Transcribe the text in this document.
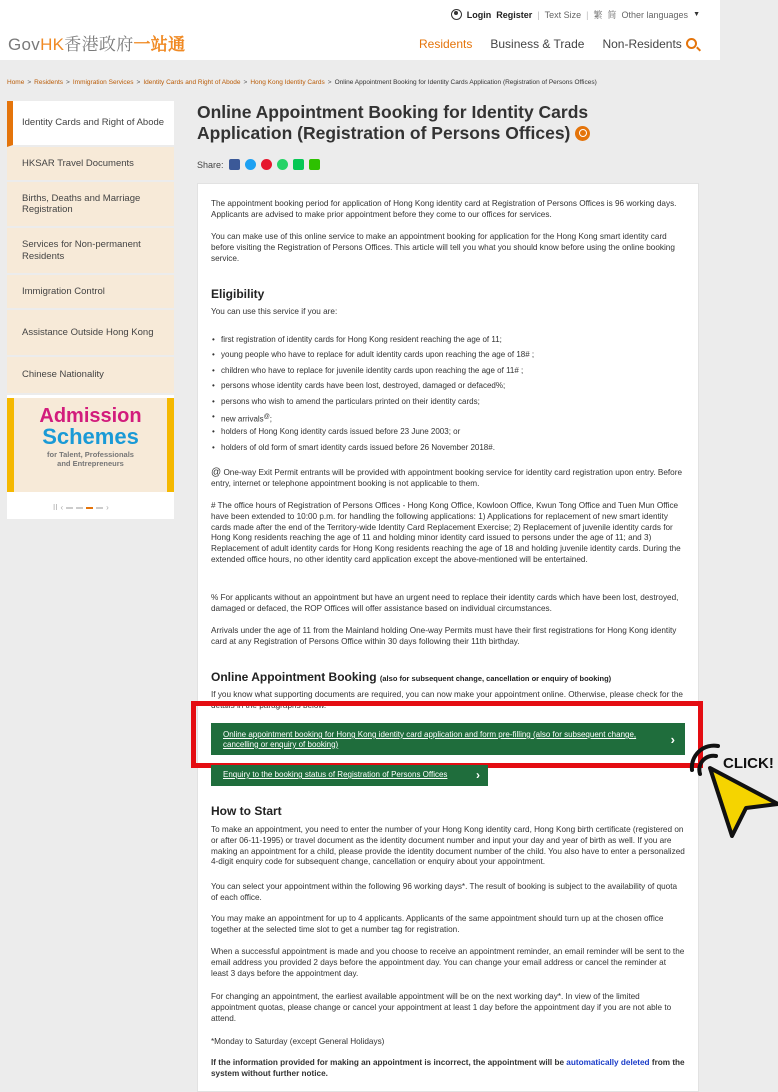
Login Register | Text Size | 繁 简 Other languages ▼
GovHK香港政府一站通	Residents Business & Trade Non-Residents
Home > Residents > Immigration Services > Identity Cards and Right of Abode > Hong Kong Identity Cards > Online Appointment Booking for Identity Cards Application (Registration of Persons Offices)
Identity Cards and Right of Abode
HKSAR Travel Documents
Births, Deaths and Marriage Registration
Services for Non-permanent Residents
Immigration Control
Assistance Outside Hong Kong
Chinese Nationality
Admission
Schemes
for Talent, Professionals
and Entrepreneurs
II ‹	›
Online Appointment Booking for Identity Cards Application (Registration of Persons Offices)
Share:

The appointment booking period for application of Hong Kong identity card at Registration of Persons Offices is 96 working days. Applicants are advised to make prior appointment before they come to our offices for services.

You can make use of this online service to make an appointment booking for application for the Hong Kong smart identity card before visiting the Registration of Persons Offices. This article will tell you what you should know before using the online booking service.

Eligibility

You can use this service if you are:

• first registration of identity cards for Hong Kong resident reaching the age of 11;
• young people who have to replace for adult identity cards upon reaching the age of 18# ;
• children who have to replace for juvenile identity cards upon reaching the age of 11# ;
• persons whose identity cards have been lost, destroyed, damaged or defaced%;
• persons who wish to amend the particulars printed on their identity cards;
• new arrivals@;
• holders of Hong Kong identity cards issued before 23 June 2003; or
• holders of old form of smart identity cards issued before 26 November 2018#.

@ One-way Exit Permit entrants will be provided with appointment booking service for identity card registration upon entry. Before entry, internet or telephone appointment booking is not applicable to them.

# The office hours of Registration of Persons Offices - Hong Kong Office, Kowloon Office, Kwun Tong Office and Tuen Mun Office have been extended to 10:00 p.m. for handling the following applications: 1) Applications for replacement of new smart identity cards made after the end of the Territory-wide Identity Card Replacement Exercise; 2) Replacement of juvenile identity cards for Hong Kong residents reaching the age of 11 and holding minor identity card issued to persons under the age of 11; and 3) Replacement of adult identity cards for Hong Kong residents reaching the age of 18 and holding juvenile identity cards. During the extended office hours, no other identity card application except the above-mentioned will be entertained.

% For applicants without an appointment but have an urgent need to replace their identity cards which have been lost, destroyed, damaged or defaced, the ROP Offices will offer assistance based on individual circumstances.

Arrivals under the age of 11 from the Mainland holding One-way Permits must have their first registrations for Hong Kong identity card at any Registration of Persons Office within 30 days following their 11th birthday.

Online Appointment Booking (also for subsequent change, cancellation or enquiry of booking)

If you know what supporting documents are required, you can now make your appointment online. Otherwise, please check for the details in the paragraphs below.

Online appointment booking for Hong Kong identity card application and form pre-filling (also for subsequent change, cancelling or enquiry of booking)	›
Enquiry to the booking status of Registration of Persons Offices ›
How to Start

To make an appointment, you need to enter the number of your Hong Kong identity card, Hong Kong birth certificate (registered on or after 06-11-1995) or travel document as the identity document number and input your day and year of birth as well. If you are making an appointment for a child, please provide the identity document number of the child. You also have to enter a personalized 4-digit enquiry code for subsequent change, cancellation or enquiry about your appointment.

You can select your appointment within the following 96 working days*. The result of booking is subject to the availability of quota of each office.

You may make an appointment for up to 4 applicants. Applicants of the same appointment should turn up at the chosen office together at the selected time slot to get a number tag for registration.

When a successful appointment is made and you choose to receive an appointment reminder, an email reminder will be sent to the email address you provided 2 days before the appointment day. You can change your email address or cancel the reminder at least 3 days before the appointment day.

For changing an appointment, the earliest available appointment will be on the next working day*. In view of the limited appointment quotas, please change or cancel your appointment at least 1 day before the appointment day if you are not able to attend.

*Monday to Saturday (except General Holidays)

If the information provided for making an appointment is incorrect, the appointment will be automatically deleted from the system without further notice.

CLICK!
